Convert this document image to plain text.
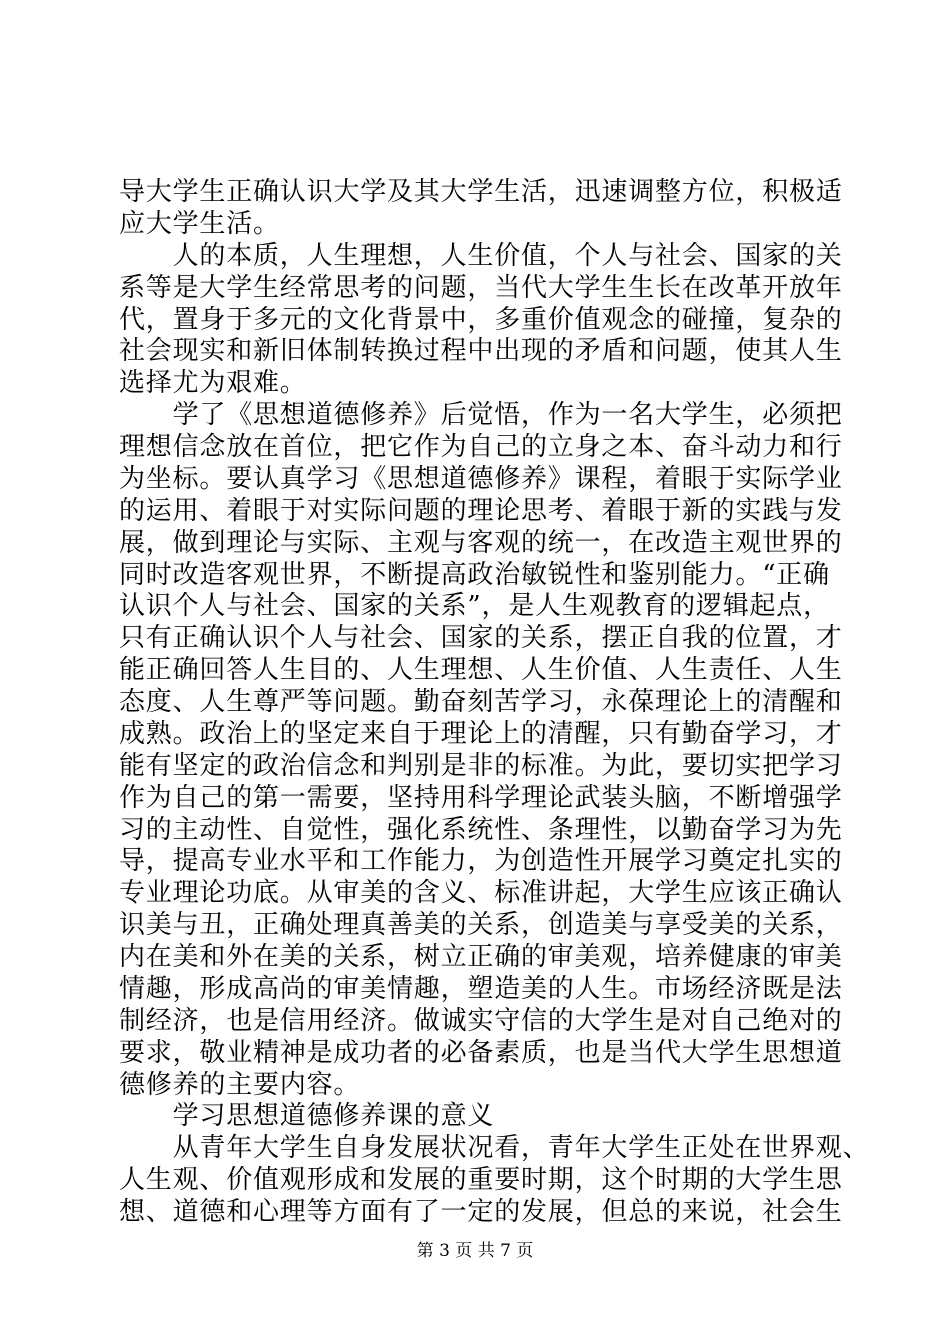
导大学生正确认识大学及其大学生活，迅速调整方位，积极适
应大学生活。
　　人的本质，人生理想，人生价值，个人与社会、国家的关
系等是大学生经常思考的问题，当代大学生生长在改革开放年
代，置身于多元的文化背景中，多重价值观念的碰撞，复杂的
社会现实和新旧体制转换过程中出现的矛盾和问题，使其人生
选择尤为艰难。
　　学了《思想道德修养》后觉悟，作为一名大学生，必须把
理想信念放在首位，把它作为自己的立身之本、奋斗动力和行
为坐标。要认真学习《思想道德修养》课程，着眼于实际学业
的运用、着眼于对实际问题的理论思考、着眼于新的实践与发
展，做到理论与实际、主观与客观的统一，在改造主观世界的
同时改造客观世界，不断提高政治敏锐性和鉴别能力。“正确
认识个人与社会、国家的关系”，是人生观教育的逻辑起点，
只有正确认识个人与社会、国家的关系，摆正自我的位置，才
能正确回答人生目的、人生理想、人生价值、人生责任、人生
态度、人生尊严等问题。勤奋刻苦学习，永葆理论上的清醒和
成熟。政治上的坚定来自于理论上的清醒，只有勤奋学习，才
能有坚定的政治信念和判别是非的标准。为此，要切实把学习
作为自己的第一需要，坚持用科学理论武装头脑，不断增强学
习的主动性、自觉性，强化系统性、条理性，以勤奋学习为先
导，提高专业水平和工作能力，为创造性开展学习奠定扎实的
专业理论功底。从审美的含义、标准讲起，大学生应该正确认
识美与丑，正确处理真善美的关系，创造美与享受美的关系，
内在美和外在美的关系，树立正确的审美观，培养健康的审美
情趣，形成高尚的审美情趣，塑造美的人生。市场经济既是法
制经济，也是信用经济。做诚实守信的大学生是对自己绝对的
要求，敬业精神是成功者的必备素质，也是当代大学生思想道
德修养的主要内容。
　　学习思想道德修养课的意义
　　从青年大学生自身发展状况看，青年大学生正处在世界观、
人生观、价值观形成和发展的重要时期，这个时期的大学生思
想、道德和心理等方面有了一定的发展，但总的来说，社会生
第 3 页 共 7 页
